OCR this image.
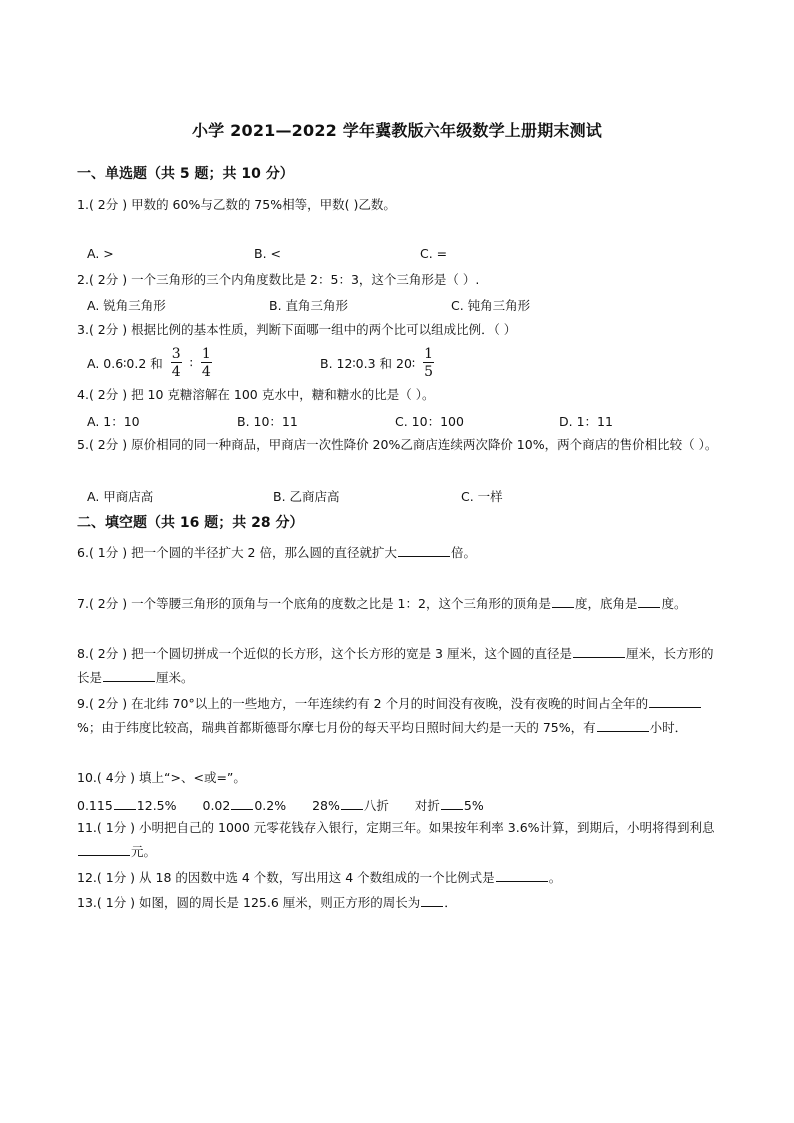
小学 2021—2022 学年冀教版六年级数学上册期末测试
一、单选题（共 5 题；共 10 分）
1.( 2分 ) 甲数的 60%与乙数的 75%相等，甲数( )乙数。
A. >	B. <	C. =
2.( 2分 ) 一个三角形的三个内角度数比是 2：5：3，这个三角形是（ ）.
A. 锐角三角形	B. 直角三角形	C. 钝角三角形
3.( 2分 ) 根据比例的基本性质，判断下面哪一组中的两个比可以组成比例．（ ）
A. 0.6∶0.2 和 $\frac{3}{4}$ ∶ $\frac{1}{4}$	B. 12∶0.3 和 20∶ $\frac{1}{5}$
4.( 2分 ) 把 10 克糖溶解在 100 克水中，糖和糖水的比是（ ）。
A. 1：10	B. 10：11	C. 10：100	D. 1：11
5.( 2分 ) 原价相同的同一种商品，甲商店一次性降价 20%乙商店连续两次降价 10%，两个商店的售价相比较（ ）。
A. 甲商店高	B. 乙商店高	C. 一样
二、填空题（共 16 题；共 28 分）
6.( 1分 ) 把一个圆的半径扩大 2 倍，那么圆的直径就扩大	倍。
7.( 2分 ) 一个等腰三角形的顶角与一个底角的度数之比是 1：2，这个三角形的顶角是 度，底角是 度。
8.( 2分 ) 把一个圆切拼成一个近似的长方形，这个长方形的宽是 3 厘米，这个圆的直径是	厘米，长方形的长是	厘米。
9.( 2分 ) 在北纬 70°以上的一些地方，一年连续约有 2 个月的时间没有夜晚，没有夜晚的时间占全年的%；由于纬度比较高，瑞典首都斯德哥尔摩七月份的每天平均日照时间大约是一天的 75%，有	小时．
10.( 4分 ) 填上“>、<或=”。
0.115 12.5% 0.02 0.2% 28% 八折 对折 5%
11.( 1分 ) 小明把自己的 1000 元零花钱存入银行，定期三年。如果按年利率 3.6%计算，到期后，小明将得到利息元。
12.( 1分 ) 从 18 的因数中选 4 个数，写出用这 4 个数组成的一个比例式是	。
13.( 1分 ) 如图，圆的周长是 125.6 厘米，则正方形的周长为 ．
